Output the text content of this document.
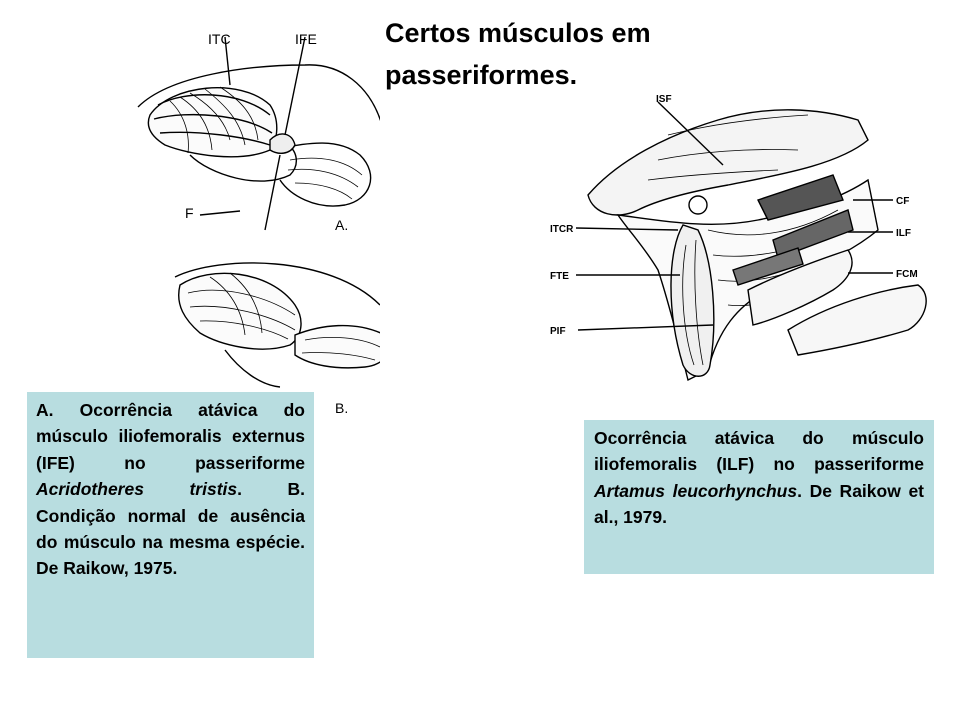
Certos músculos em
passeriformes.
ITC	IFE
F
A.
B.
ISF
CF
ITCR	ILF
FTE	FCM
PIF
A. Ocorrência atávica do músculo iliofemoralis externus (IFE) no passeriforme Acridotheres tristis. B. Condição normal de ausência do músculo na mesma espécie. De Raikow, 1975.
Ocorrência atávica do músculo iliofemoralis (ILF) no passeriforme Artamus leucorhynchus. De Raikow et al., 1979.
